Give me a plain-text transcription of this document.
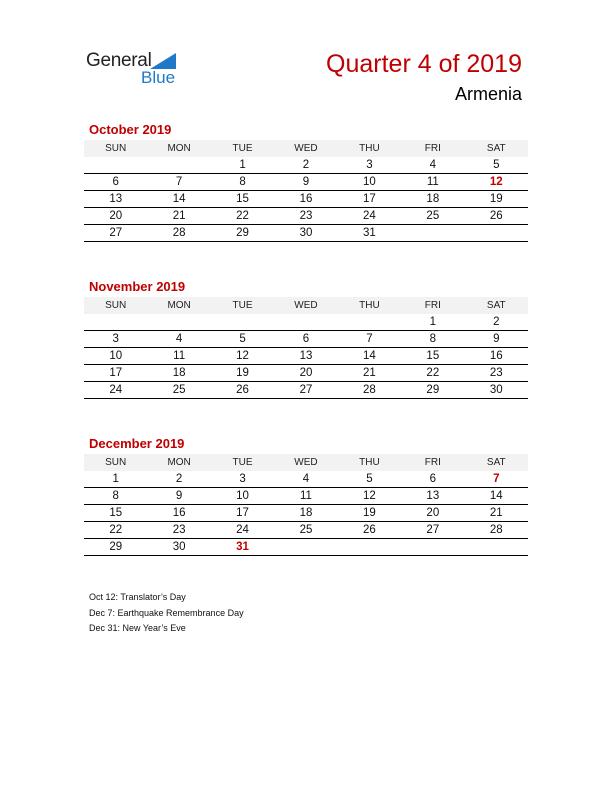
General
Blue	Quarter 4 of 2019
Armenia
October 2019
SUN	MON	TUE	WED	THU	FRI	SAT
		1	2	3	4	5
6	7	8	9	10	11	12
13	14	15	16	17	18	19
20	21	22	23	24	25	26
27	28	29	30	31		
November 2019
SUN	MON	TUE	WED	THU	FRI	SAT
					1	2
3	4	5	6	7	8	9
10	11	12	13	14	15	16
17	18	19	20	21	22	23
24	25	26	27	28	29	30
December 2019
SUN	MON	TUE	WED	THU	FRI	SAT
1	2	3	4	5	6	7
8	9	10	11	12	13	14
15	16	17	18	19	20	21
22	23	24	25	26	27	28
29	30	31				
Oct 12: Translator’s Day
Dec 7: Earthquake Remembrance Day
Dec 31: New Year’s Eve
